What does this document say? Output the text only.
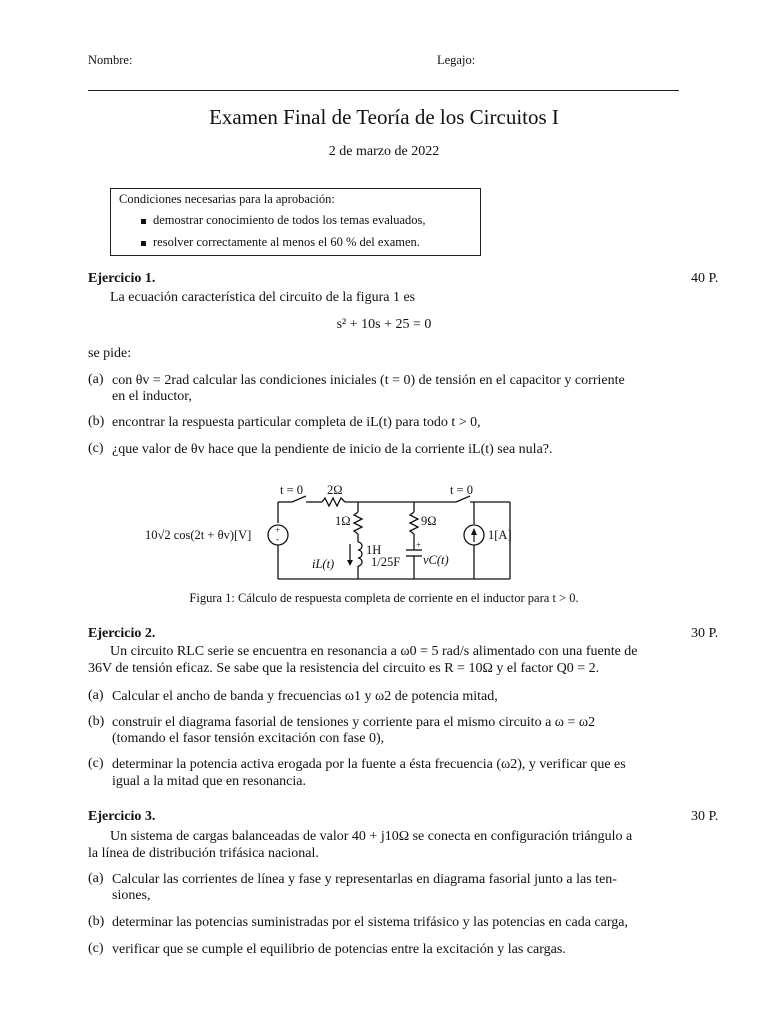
Nombre:	Legajo:
Examen Final de Teoría de los Circuitos I
2 de marzo de 2022
Condiciones necesarias para la aprobación:
demostrar conocimiento de todos los temas evaluados,
resolver correctamente al menos el 60 % del examen.
Ejercicio 1.	40 P.
La ecuación característica del circuito de la figura 1 es
s² + 10s + 25 = 0
se pide:
(a) con θv = 2rad calcular las condiciones iniciales (t = 0) de tensión en el capacitor y corriente
en el inductor,
(b) encontrar la respuesta particular completa de iL(t) para todo t > 0,
(c) ¿que valor de θv hace que la pendiente de inicio de la corriente iL(t) sea nula?.
+
-
+
10√2 cos(2t + θv)[V]
t = 0 2Ω	t = 0
1Ω	9Ω
1[A]
1H
1/25F
iL(t)	vC(t)
Figura 1: Cálculo de respuesta completa de corriente en el inductor para t > 0.
Ejercicio 2.	30 P.
Un circuito RLC serie se encuentra en resonancia a ω0 = 5 rad/s alimentado con una fuente de
36V de tensión eficaz. Se sabe que la resistencia del circuito es R = 10Ω y el factor Q0 = 2.
(a) Calcular el ancho de banda y frecuencias ω1 y ω2 de potencia mitad,
(b) construir el diagrama fasorial de tensiones y corriente para el mismo circuito a ω = ω2
(tomando el fasor tensión excitación con fase 0),
(c) determinar la potencia activa erogada por la fuente a ésta frecuencia (ω2), y verificar que es
igual a la mitad que en resonancia.
Ejercicio 3.	30 P.
Un sistema de cargas balanceadas de valor 40 + j10Ω se conecta en configuración triángulo a
la línea de distribución trifásica nacional.
(a) Calcular las corrientes de línea y fase y representarlas en diagrama fasorial junto a las ten-
siones,
(b) determinar las potencias suministradas por el sistema trifásico y las potencias en cada carga,
(c) verificar que se cumple el equilibrio de potencias entre la excitación y las cargas.
